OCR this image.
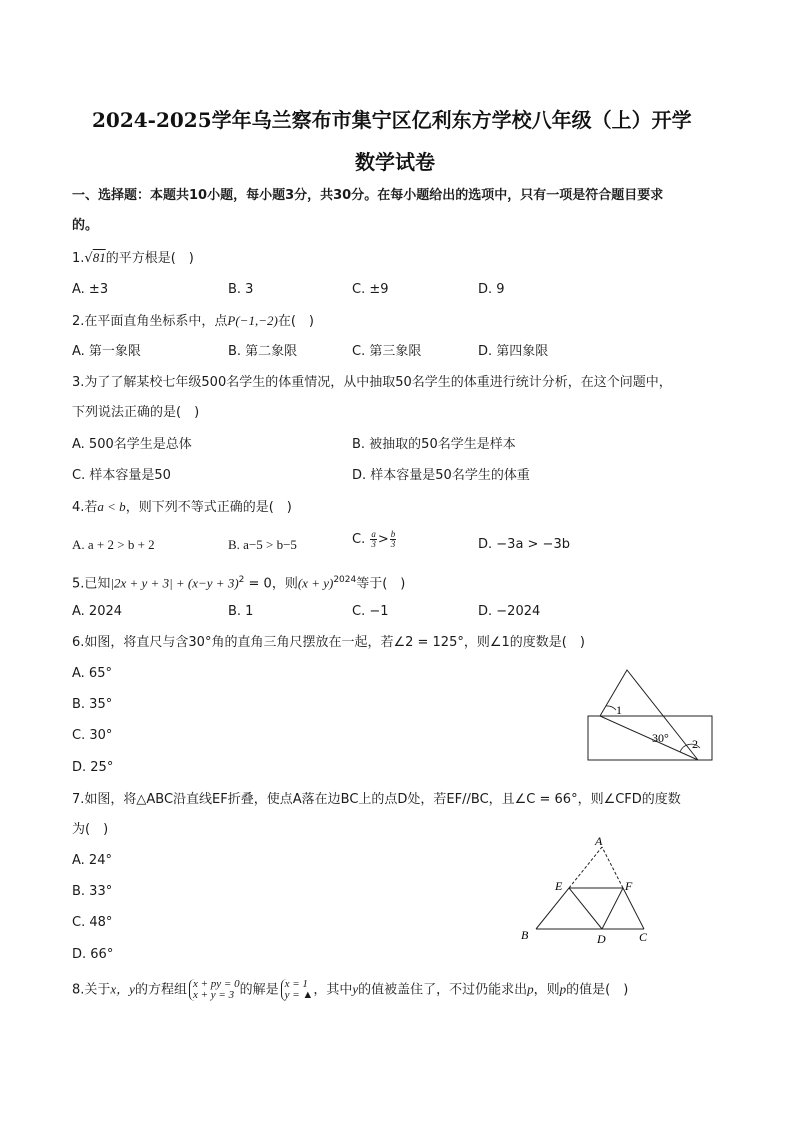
2024-2025学年乌兰察布市集宁区亿利东方学校八年级（上）开学
数学试卷
一、选择题：本题共10小题，每小题3分，共30分。在每小题给出的选项中，只有一项是符合题目要求
的。
1.√81的平方根是(　)
A. ±3	B. 3	C. ±9	D. 9
2.在平面直角坐标系中，点P(−1,−2)在(　)
A. 第一象限	B. 第二象限	C. 第三象限	D. 第四象限
3.为了了解某校七年级500名学生的体重情况，从中抽取50名学生的体重进行统计分析，在这个问题中，
下列说法正确的是(　)
A. 500名学生是总体	B. 被抽取的50名学生是样本
C. 样本容量是50	D. 样本容量是50名学生的体重
4.若a < b，则下列不等式正确的是(　)
A. a + 2 > b + 2	B. a−5 > b−5	C. $\frac{a}{3} > \frac{b}{3}$	D. −3a > −3b
5.已知$|2x + y + 3| + (x-y + 3)^2 = 0$，则$(x + y)^{2024}$等于(　)
A. 2024	B. 1	C. −1	D. −2024
6.如图，将直尺与含30°角的直角三角尺摆放在一起，若∠2 = 125°，则∠1的度数是(　)
A. 65°
B. 35°
C. 30°
D. 25°
1
30° 2
7.如图，将△ABC沿直线EF折叠，使点A落在边BC上的点D处，若EF//BC，且∠C = 66°，则∠CFD的度数
为(　)
A. 24°
B. 33°
C. 48°
D. 66°
A
E	F
B	D	C
8.关于x，y的方程组 x + py = 0
x + y = 3 的解是 x = 1
y = ▲ ，其中y的值被盖住了，不过仍能求出p，则p的值是(　)
